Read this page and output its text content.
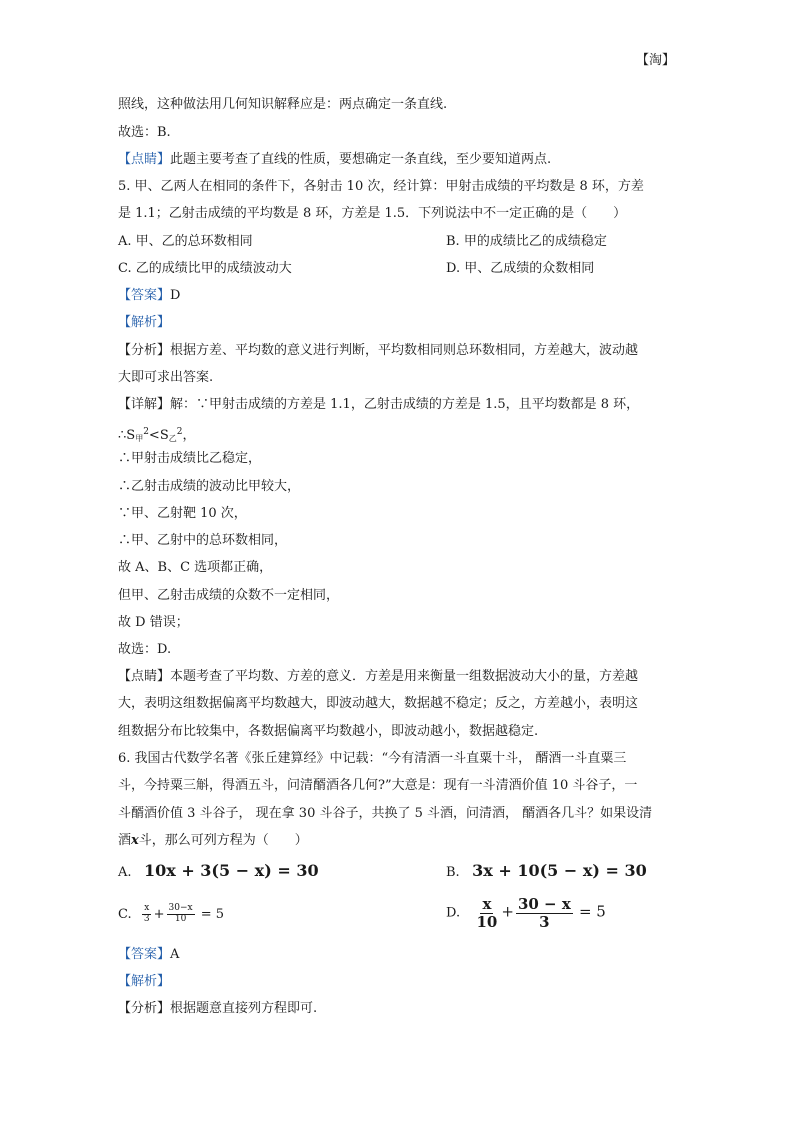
【淘】
照线，这种做法用几何知识解释应是：两点确定一条直线.
故选：B.
【点睛】此题主要考查了直线的性质，要想确定一条直线，至少要知道两点.
5. 甲、乙两人在相同的条件下，各射击 10 次，经计算：甲射击成绩的平均数是 8 环，方差
是 1.1；乙射击成绩的平均数是 8 环，方差是 1.5．下列说法中不一定正确的是（　　）
A. 甲、乙的总环数相同	B. 甲的成绩比乙的成绩稳定
C. 乙的成绩比甲的成绩波动大	D. 甲、乙成绩的众数相同
【答案】D
【解析】
【分析】根据方差、平均数的意义进行判断，平均数相同则总环数相同，方差越大，波动越
大即可求出答案.
【详解】解：∵甲射击成绩的方差是 1.1，乙射击成绩的方差是 1.5，且平均数都是 8 环，
$\therefore S_甲^2<S_乙^2$，
∴甲射击成绩比乙稳定，
∴乙射击成绩的波动比甲较大，
∵甲、乙射靶 10 次，
∴甲、乙射中的总环数相同，
故 A、B、C 选项都正确，
但甲、乙射击成绩的众数不一定相同，
故 D 错误；
故选：D.
【点睛】本题考查了平均数、方差的意义．方差是用来衡量一组数据波动大小的量，方差越
大，表明这组数据偏离平均数越大，即波动越大，数据越不稳定；反之，方差越小，表明这
组数据分布比较集中，各数据偏离平均数越小，即波动越小，数据越稳定.
6. 我国古代数学名著《张丘建算经》中记载：“今有清酒一斗直粟十斗， 醑酒一斗直粟三
斗，今持粟三斛，得酒五斗，问清醑酒各几何?”大意是：现有一斗清酒价值 10 斗谷子，一
斗醑酒价值 3 斗谷子， 现在拿 30 斗谷子，共换了 5 斗酒，问清酒， 醑酒各几斗？如果设清
酒x斗，那么可列方程为（　　）
A. 10x + 3(5 − x) = 30	B. 3x + 10(5 − x) = 30
C. $\frac{x}{3} + \frac{30-x}{10} = 5$	D. $\frac{x}{10} + \frac{30 - x}{3} = 5$
【答案】A
【解析】
【分析】根据题意直接列方程即可.
